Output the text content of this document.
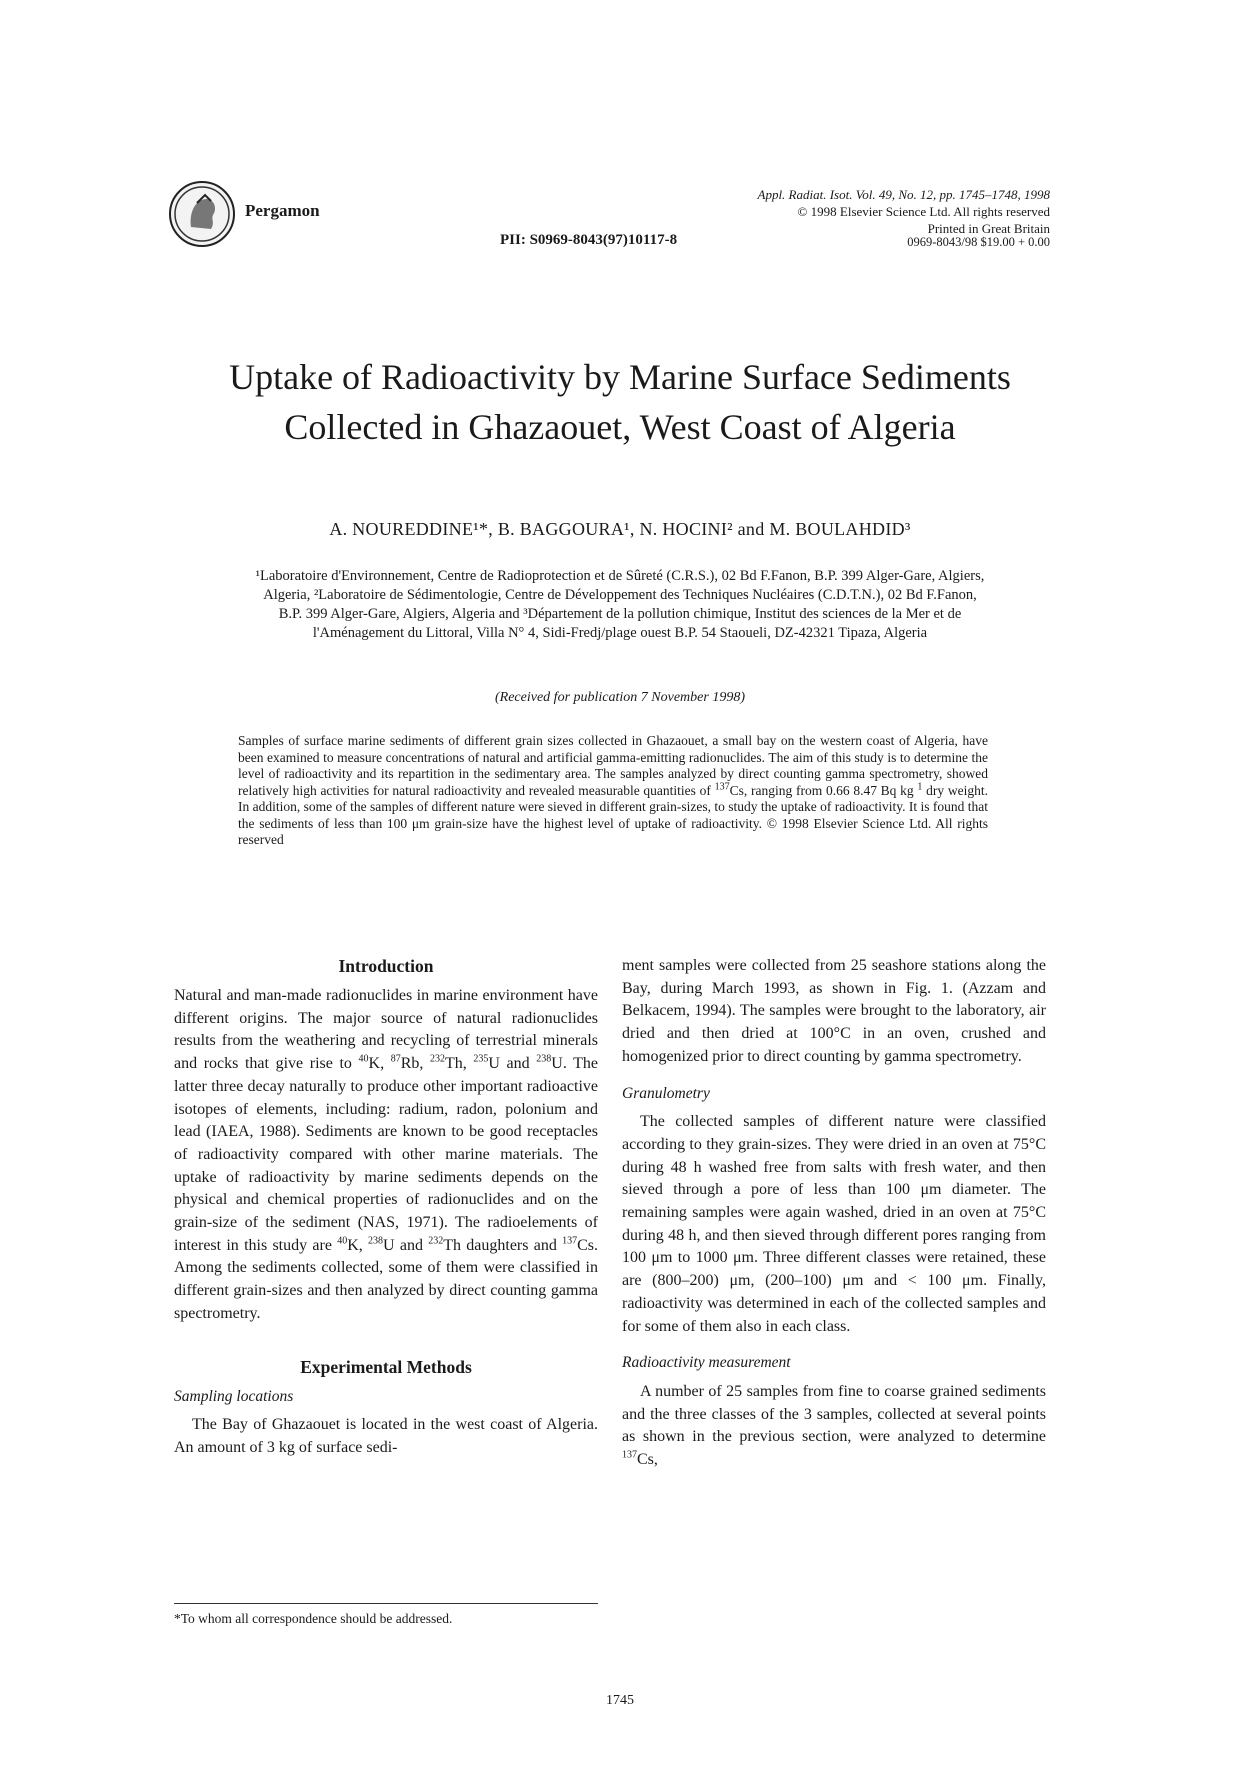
Pergamon
Appl. Radiat. Isot. Vol. 49, No. 12, pp. 1745–1748, 1998
© 1998 Elsevier Science Ltd. All rights reserved
Printed in Great Britain
PII: S0969-8043(97)10117-8	0969-8043/98 $19.00 + 0.00
Uptake of Radioactivity by Marine Surface Sediments Collected in Ghazaouet, West Coast of Algeria
A. NOUREDDINE¹*, B. BAGGOURA¹, N. HOCINI² and M. BOULAHDID³
¹Laboratoire d'Environnement, Centre de Radioprotection et de Sûreté (C.R.S.), 02 Bd F.Fanon, B.P. 399 Alger-Gare, Algiers, Algeria, ²Laboratoire de Sédimentologie, Centre de Développement des Techniques Nucléaires (C.D.T.N.), 02 Bd F.Fanon, B.P. 399 Alger-Gare, Algiers, Algeria and ³Département de la pollution chimique, Institut des sciences de la Mer et de l'Aménagement du Littoral, Villa N° 4, Sidi-Fredj/plage ouest B.P. 54 Staoueli, DZ-42321 Tipaza, Algeria
(Received for publication 7 November 1998)
Samples of surface marine sediments of different grain sizes collected in Ghazaouet, a small bay on the western coast of Algeria, have been examined to measure concentrations of natural and artificial gamma-emitting radionuclides. The aim of this study is to determine the level of radioactivity and its repartition in the sedimentary area. The samples analyzed by direct counting gamma spectrometry, showed relatively high activities for natural radioactivity and revealed measurable quantities of $^{137}$Cs, ranging from 0.66 8.47 Bq kg $^1$ dry weight. In addition, some of the samples of different nature were sieved in different grain-sizes, to study the uptake of radioactivity. It is found that the sediments of less than 100 μm grain-size have the highest level of uptake of radioactivity. © 1998 Elsevier Science Ltd. All rights reserved
Introduction

Natural and man-made radionuclides in marine environment have different origins. The major source of natural radionuclides results from the weathering and recycling of terrestrial minerals and rocks that give rise to $^{40}$K, $^{87}$Rb, $^{232}$Th, $^{235}$U and $^{238}$U. The latter three decay naturally to produce other important radioactive isotopes of elements, including: radium, radon, polonium and lead (IAEA, 1988). Sediments are known to be good receptacles of radioactivity compared with other marine materials. The uptake of radioactivity by marine sediments depends on the physical and chemical properties of radionuclides and on the grain-size of the sediment (NAS, 1971). The radioelements of interest in this study are $^{40}$K, $^{238}$U and $^{232}$Th daughters and $^{137}$Cs. Among the sediments collected, some of them were classified in different grain-sizes and then analyzed by direct counting gamma spectrometry.

Experimental Methods
Sampling locations

The Bay of Ghazaouet is located in the west coast of Algeria. An amount of 3 kg of surface sedi-

*To whom all correspondence should be addressed.

ment samples were collected from 25 seashore stations along the Bay, during March 1993, as shown in Fig. 1. (Azzam and Belkacem, 1994). The samples were brought to the laboratory, air dried and then dried at 100°C in an oven, crushed and homogenized prior to direct counting by gamma spectrometry.

Granulometry

The collected samples of different nature were classified according to they grain-sizes. They were dried in an oven at 75°C during 48 h washed free from salts with fresh water, and then sieved through a pore of less than 100 μm diameter. The remaining samples were again washed, dried in an oven at 75°C during 48 h, and then sieved through different pores ranging from 100 μm to 1000 μm. Three different classes were retained, these are (800–200) μm, (200–100) μm and < 100 μm. Finally, radioactivity was determined in each of the collected samples and for some of them also in each class.

Radioactivity measurement

A number of 25 samples from fine to coarse grained sediments and the three classes of the 3 samples, collected at several points as shown in the previous section, were analyzed to determine $^{137}$Cs,

1745
